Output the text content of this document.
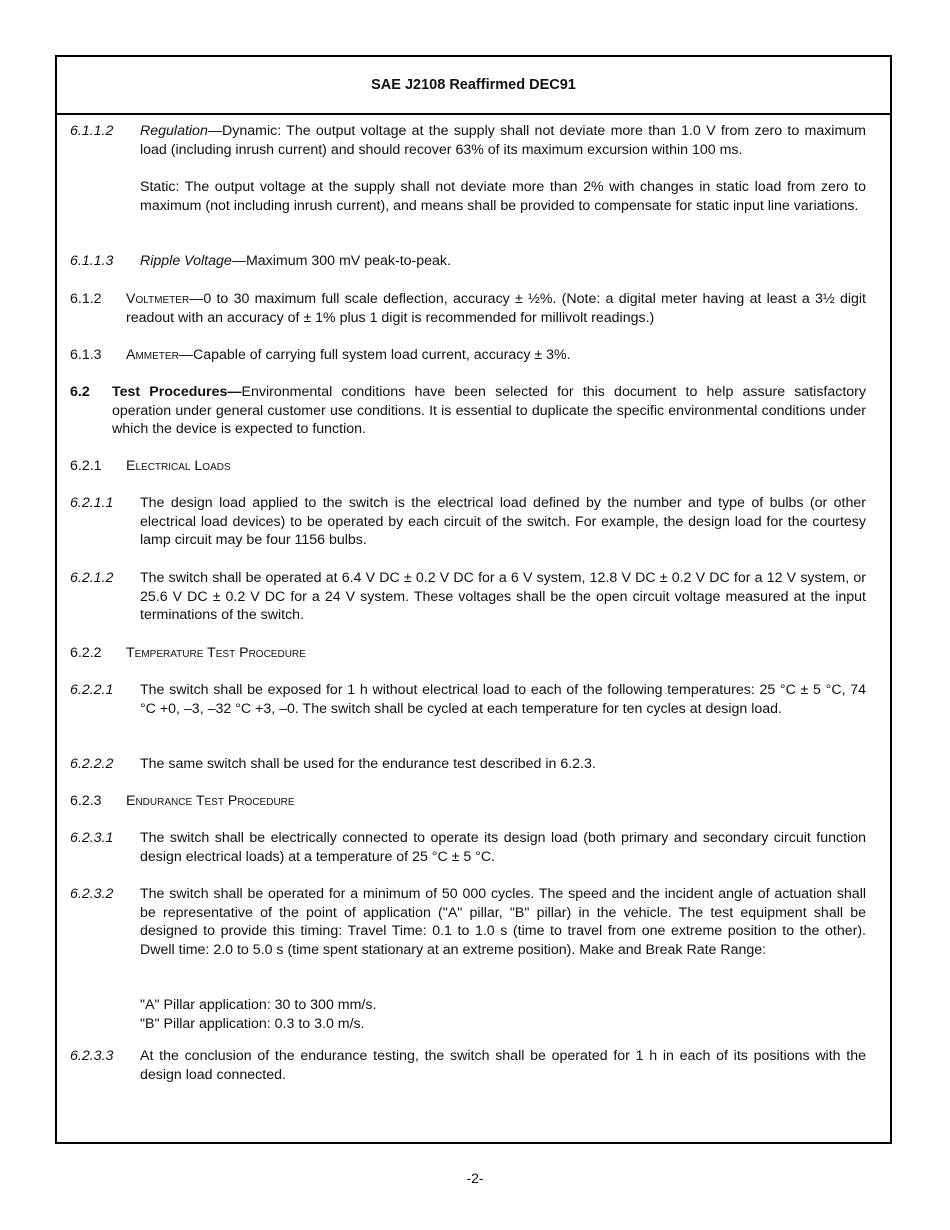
SAE J2108 Reaffirmed DEC91
6.1.1.2 Regulation—Dynamic: The output voltage at the supply shall not deviate more than 1.0 V from zero to maximum load (including inrush current) and should recover 63% of its maximum excursion within 100 ms.

Static: The output voltage at the supply shall not deviate more than 2% with changes in static load from zero to maximum (not including inrush current), and means shall be provided to compensate for static input line variations.

6.1.1.3 Ripple Voltage—Maximum 300 mV peak-to-peak.
6.1.2 Voltmeter—0 to 30 maximum full scale deflection, accuracy ± ½%. (Note: a digital meter having at least a 3½ digit readout with an accuracy of ± 1% plus 1 digit is recommended for millivolt readings.)
6.1.3 Ammeter—Capable of carrying full system load current, accuracy ± 3%.
6.2 Test Procedures—Environmental conditions have been selected for this document to help assure satisfactory operation under general customer use conditions. It is essential to duplicate the specific environmental conditions under which the device is expected to function.
6.2.1 Electrical Loads
6.2.1.1 The design load applied to the switch is the electrical load defined by the number and type of bulbs (or other electrical load devices) to be operated by each circuit of the switch. For example, the design load for the courtesy lamp circuit may be four 1156 bulbs.
6.2.1.2 The switch shall be operated at 6.4 V DC ± 0.2 V DC for a 6 V system, 12.8 V DC ± 0.2 V DC for a 12 V system, or 25.6 V DC ± 0.2 V DC for a 24 V system. These voltages shall be the open circuit voltage measured at the input terminations of the switch.
6.2.2 Temperature Test Procedure
6.2.2.1 The switch shall be exposed for 1 h without electrical load to each of the following temperatures: 25 °C ± 5 °C, 74 °C +0, –3, –32 °C +3, –0. The switch shall be cycled at each temperature for ten cycles at design load.
6.2.2.2 The same switch shall be used for the endurance test described in 6.2.3.
6.2.3 Endurance Test Procedure
6.2.3.1 The switch shall be electrically connected to operate its design load (both primary and secondary circuit function design electrical loads) at a temperature of 25 °C ± 5 °C.
6.2.3.2 The switch shall be operated for a minimum of 50 000 cycles. The speed and the incident angle of actuation shall be representative of the point of application ("A" pillar, "B" pillar) in the vehicle. The test equipment shall be designed to provide this timing: Travel Time: 0.1 to 1.0 s (time to travel from one extreme position to the other). Dwell time: 2.0 to 5.0 s (time spent stationary at an extreme position). Make and Break Rate Range:

"A" Pillar application: 30 to 300 mm/s.

"B" Pillar application: 0.3 to 3.0 m/s.

6.2.3.3 At the conclusion of the endurance testing, the switch shall be operated for 1 h in each of its positions with the design load connected.
-2-
